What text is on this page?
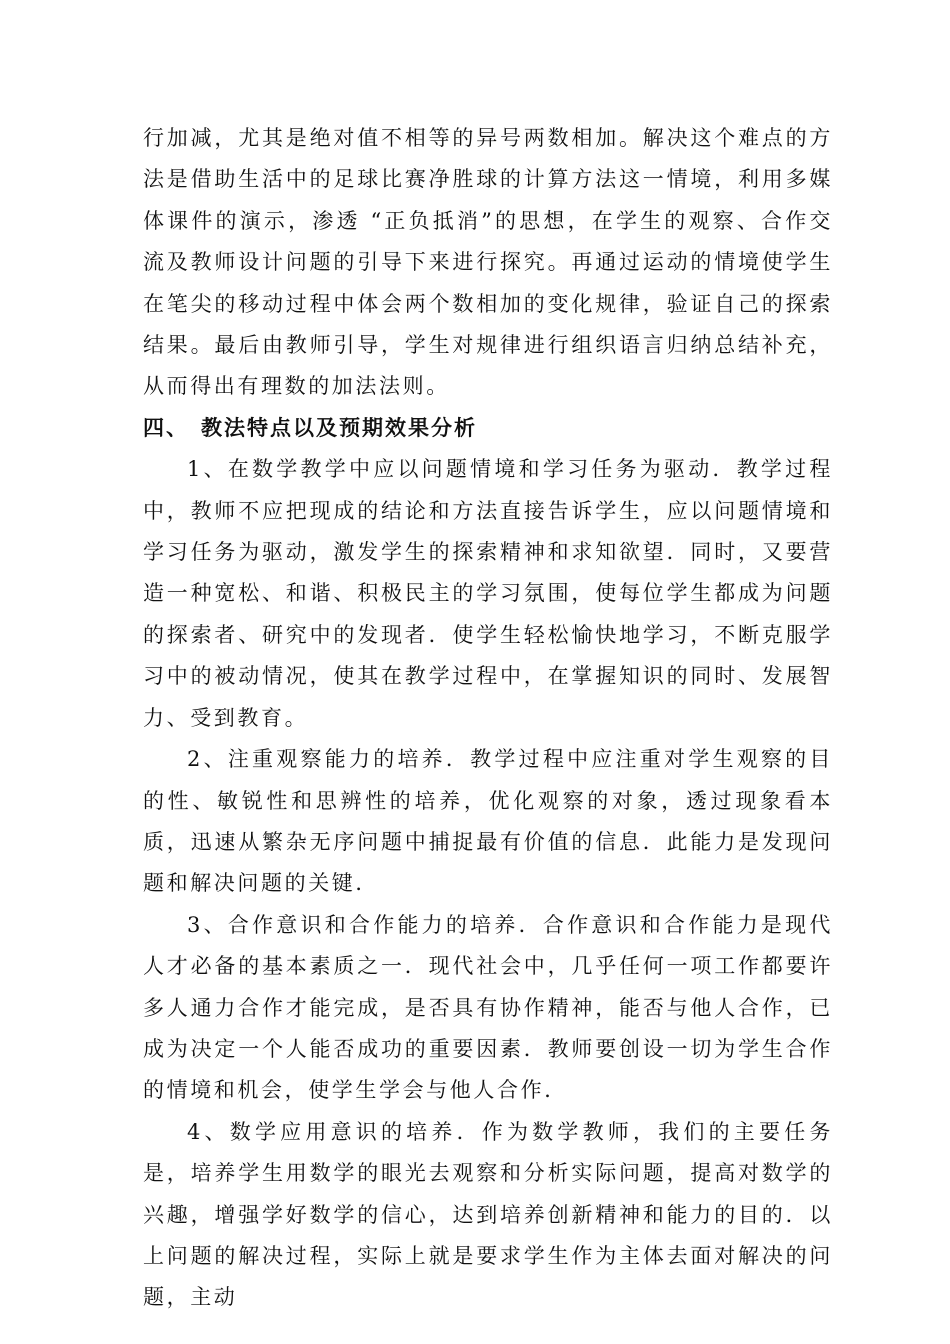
行加减，尤其是绝对值不相等的异号两数相加。解决这个难点的方法是借助生活中的足球比赛净胜球的计算方法这一情境，利用多媒体课件的演示，渗透 “正负抵消”的思想，在学生的观察、合作交流及教师设计问题的引导下来进行探究。再通过运动的情境使学生在笔尖的移动过程中体会两个数相加的变化规律，验证自己的探索结果。最后由教师引导，学生对规律进行组织语言归纳总结补充，从而得出有理数的加法法则。

四、 教法特点以及预期效果分析

1、在数学教学中应以问题情境和学习任务为驱动．教学过程中，教师不应把现成的结论和方法直接告诉学生，应以问题情境和学习任务为驱动，激发学生的探索精神和求知欲望．同时，又要营造一种宽松、和谐、积极民主的学习氛围，使每位学生都成为问题的探索者、研究中的发现者．使学生轻松愉快地学习，不断克服学习中的被动情况，使其在教学过程中，在掌握知识的同时、发展智力、受到教育。

2、注重观察能力的培养．教学过程中应注重对学生观察的目的性、敏锐性和思辨性的培养，优化观察的对象，透过现象看本质，迅速从繁杂无序问题中捕捉最有价值的信息．此能力是发现问题和解决问题的关键．

3、合作意识和合作能力的培养．合作意识和合作能力是现代人才必备的基本素质之一．现代社会中，几乎任何一项工作都要许多人通力合作才能完成，是否具有协作精神，能否与他人合作，已成为决定一个人能否成功的重要因素．教师要创设一切为学生合作的情境和机会，使学生学会与他人合作．

4、数学应用意识的培养．作为数学教师，我们的主要任务是，培养学生用数学的眼光去观察和分析实际问题，提高对数学的兴趣，增强学好数学的信心，达到培养创新精神和能力的目的．以上问题的解决过程，实际上就是要求学生作为主体去面对解决的问题，主动
